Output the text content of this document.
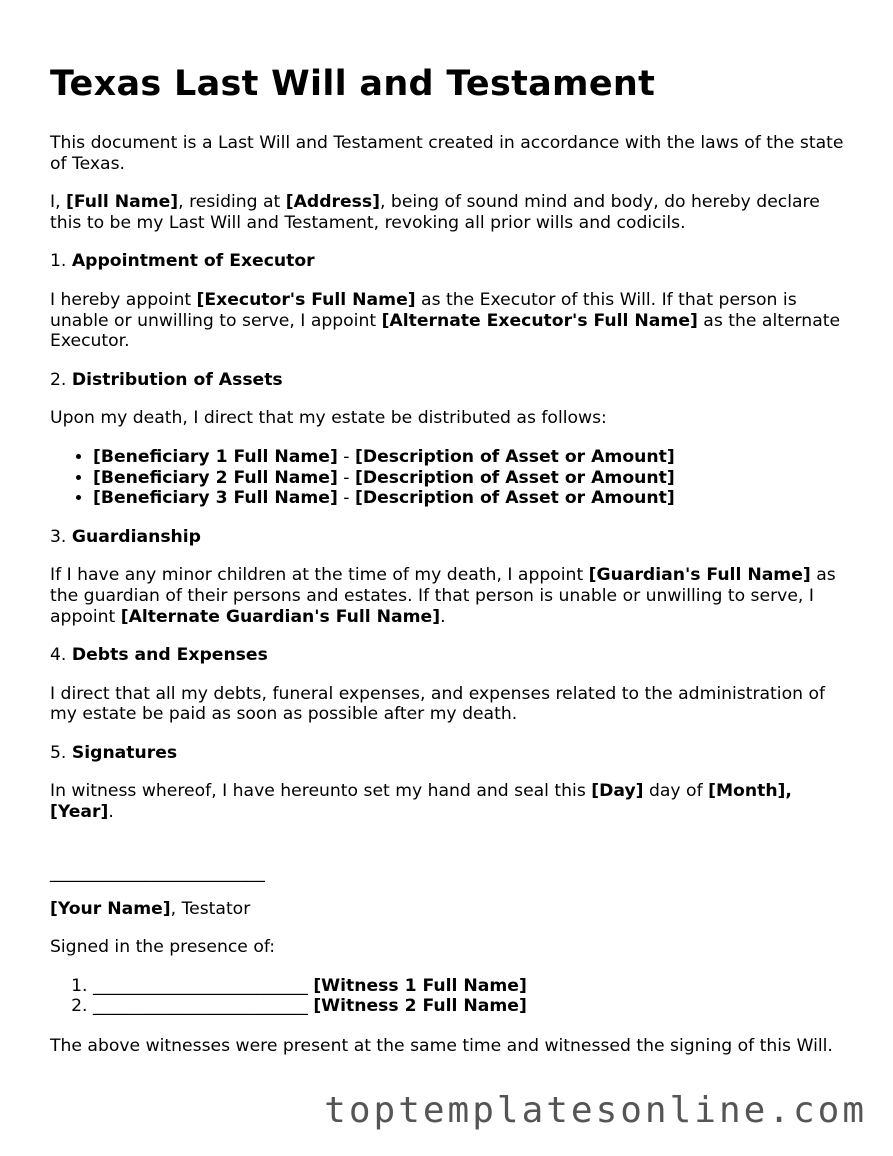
Texas Last Will and Testament

This document is a Last Will and Testament created in accordance with the laws of the state of Texas.

I, [Full Name], residing at [Address], being of sound mind and body, do hereby declare this to be my Last Will and Testament, revoking all prior wills and codicils.

1. Appointment of Executor

I hereby appoint [Executor's Full Name] as the Executor of this Will. If that person is unable or unwilling to serve, I appoint [Alternate Executor's Full Name] as the alternate Executor.

2. Distribution of Assets

Upon my death, I direct that my estate be distributed as follows:

• [Beneficiary 1 Full Name] - [Description of Asset or Amount]
• [Beneficiary 2 Full Name] - [Description of Asset or Amount]
• [Beneficiary 3 Full Name] - [Description of Asset or Amount]

3. Guardianship

If I have any minor children at the time of my death, I appoint [Guardian's Full Name] as the guardian of their persons and estates. If that person is unable or unwilling to serve, I appoint [Alternate Guardian's Full Name].

4. Debts and Expenses

I direct that all my debts, funeral expenses, and expenses related to the administration of my estate be paid as soon as possible after my death.

5. Signatures

In witness whereof, I have hereunto set my hand and seal this [Day] day of [Month], [Year].

_________________________

[Your Name], Testator

Signed in the presence of:

1. _________________________ [Witness 1 Full Name]
2. _________________________ [Witness 2 Full Name]

The above witnesses were present at the same time and witnessed the signing of this Will.

toptemplatesonline.com
